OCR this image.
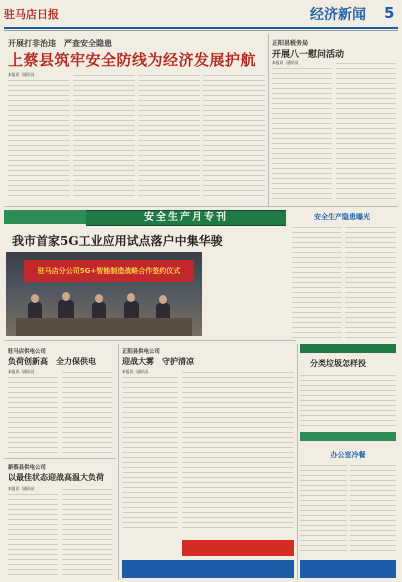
驻马店日报	经济新闻 5
开展打非治违　严查安全隐患
上蔡县筑牢安全防线为经济发展护航
本报讯（通讯员
正阳县税务局
开展八一慰问活动
本报讯（通讯员
安全生产月专刊	安全生产隐患曝光
我市首家5G工业应用试点落户中集华骏
驻马店分公司5G+智能制造战略合作签约仪式
分类垃圾怎样投
驻马店供电公司
负荷创新高　全力保供电
本报讯（通讯员
新蔡县供电公司
以最佳状态迎战高温大负荷
本报讯（通讯员
正阳县供电公司
迎战大雾　守护清凉
本报讯（通讯员
办公室冷餐
